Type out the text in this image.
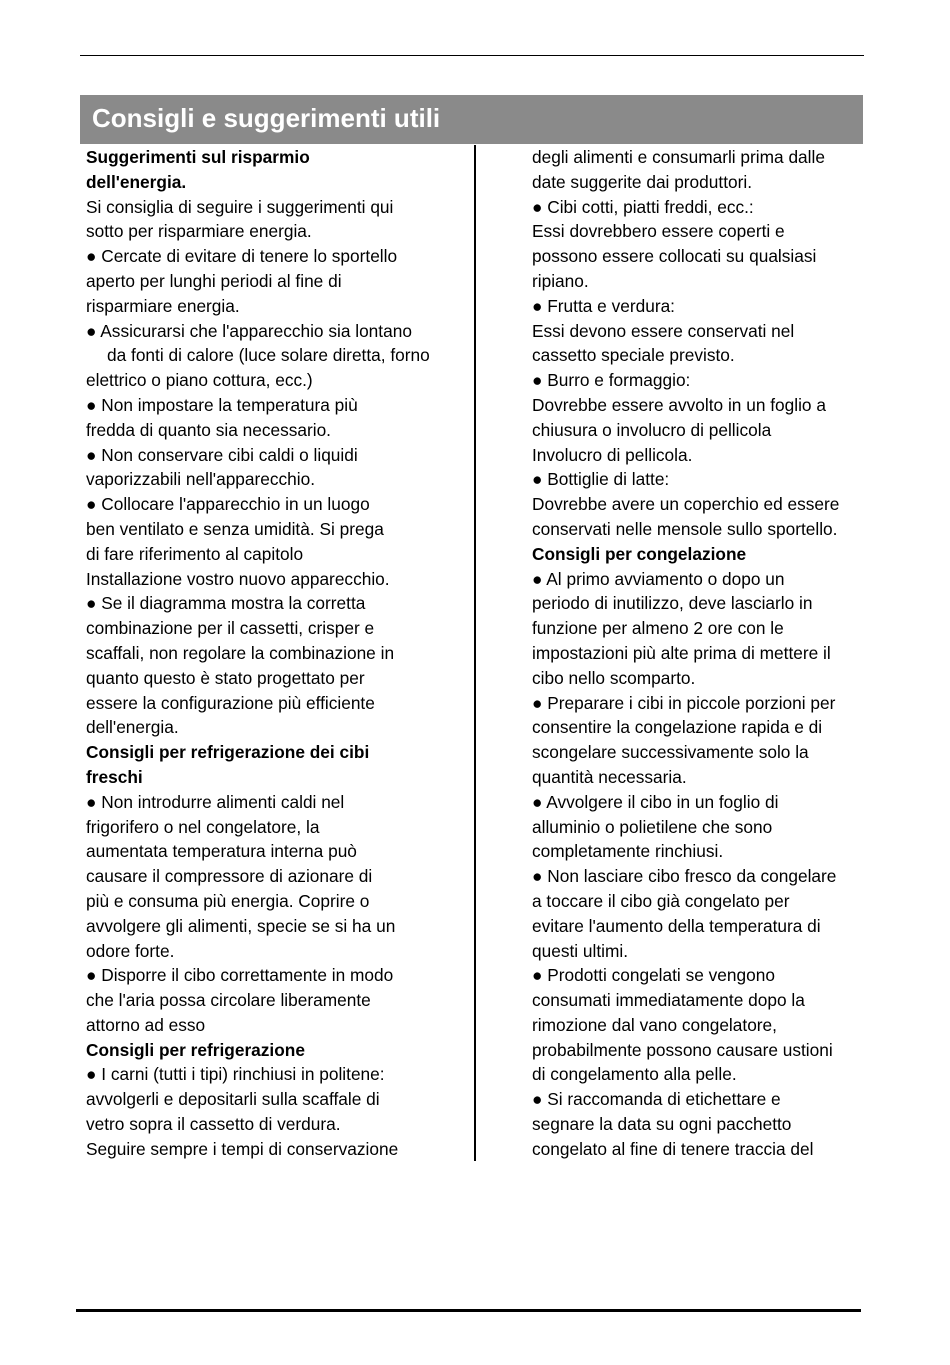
Consigli e suggerimenti utili
Suggerimenti sul risparmio
dell'energia.
Si consiglia di seguire i suggerimenti qui
sotto per risparmiare energia.
● Cercate di evitare di tenere lo sportello
aperto per lunghi periodi al fine di
risparmiare energia.
● Assicurarsi che l'apparecchio sia lontano
da fonti di calore (luce solare diretta, forno
elettrico o piano cottura, ecc.)
● Non impostare la temperatura più
fredda di quanto sia necessario.
● Non conservare cibi caldi o liquidi
vaporizzabili nell'apparecchio.
● Collocare l'apparecchio in un luogo
ben ventilato e senza umidità. Si prega
di fare riferimento al capitolo
Installazione vostro nuovo apparecchio.
● Se il diagramma mostra la corretta
combinazione per il cassetti, crisper e
scaffali, non regolare la combinazione in
quanto questo è stato progettato per
essere la configurazione più efficiente
dell'energia.
Consigli per refrigerazione dei cibi
freschi
● Non introdurre alimenti caldi nel
frigorifero o nel congelatore, la
aumentata temperatura interna può
causare il compressore di azionare di
più e consuma più energia. Coprire o
avvolgere gli alimenti, specie se si ha un
odore forte.
● Disporre il cibo correttamente in modo
che l'aria possa circolare liberamente
attorno ad esso
Consigli per refrigerazione
● I carni (tutti i tipi) rinchiusi in politene:
avvolgerli e depositarli sulla scaffale di
vetro sopra il cassetto di verdura.
Seguire sempre i tempi di conservazione
degli alimenti e consumarli prima dalle
date suggerite dai produttori.
● Cibi cotti, piatti freddi, ecc.:
Essi dovrebbero essere coperti e
possono essere collocati su qualsiasi
ripiano.
● Frutta e verdura:
Essi devono essere conservati nel
cassetto speciale previsto.
● Burro e formaggio:
Dovrebbe essere avvolto in un foglio a
chiusura o involucro di pellicola
Involucro di pellicola.
● Bottiglie di latte:
Dovrebbe avere un coperchio ed essere
conservati nelle mensole sullo sportello.
Consigli per congelazione
● Al primo avviamento o dopo un
periodo di inutilizzo, deve lasciarlo in
funzione per almeno 2 ore con le
impostazioni più alte prima di mettere il
cibo nello scomparto.
● Preparare i cibi in piccole porzioni per
consentire la congelazione rapida e di
scongelare successivamente solo la
quantità necessaria.
● Avvolgere il cibo in un foglio di
alluminio o polietilene che sono
completamente rinchiusi.
● Non lasciare cibo fresco da congelare
a toccare il cibo già congelato per
evitare l'aumento della temperatura di
questi ultimi.
● Prodotti congelati se vengono
consumati immediatamente dopo la
rimozione dal vano congelatore,
probabilmente possono causare ustioni
di congelamento alla pelle.
● Si raccomanda di etichettare e
segnare la data su ogni pacchetto
congelato al fine di tenere traccia del
